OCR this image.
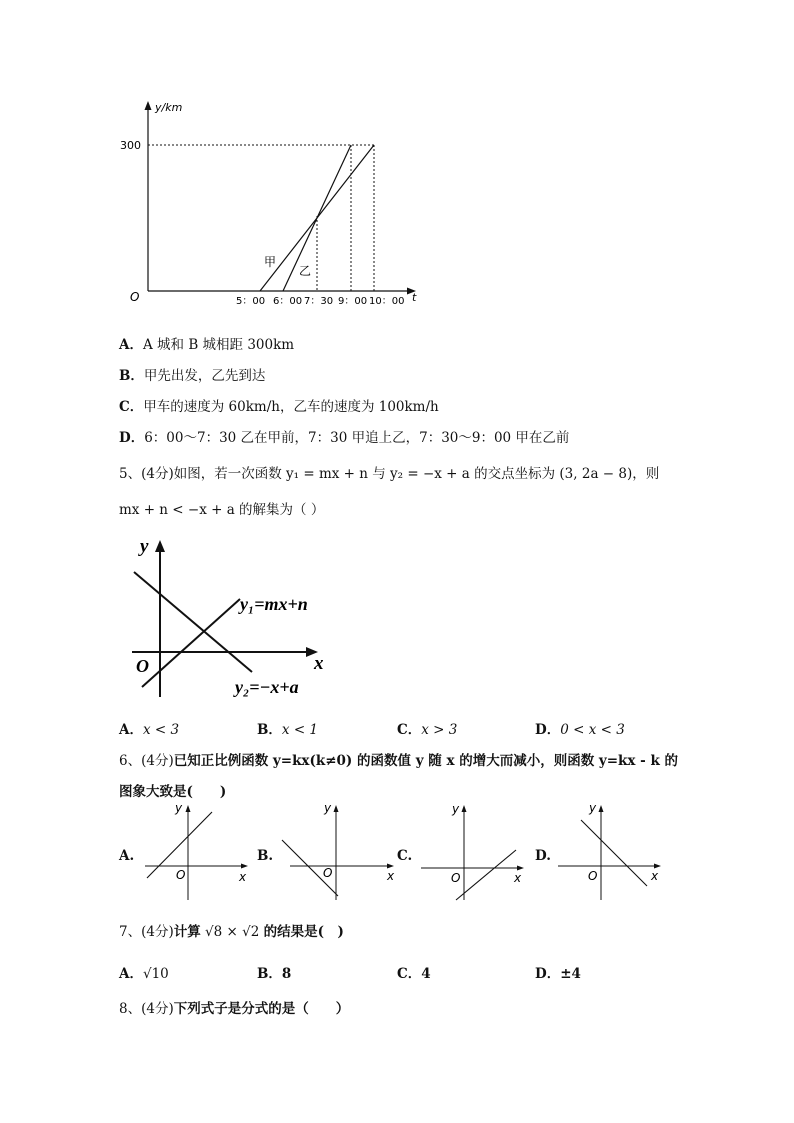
y/km
t
O
300
5：00 6：00 7：30 9：00 10：00
甲
乙
A．A 城和 B 城相距 300km
B．甲先出发，乙先到达
C．甲车的速度为 60km/h，乙车的速度为 100km/h
D．6：00～7：30 乙在甲前，7：30 甲追上乙，7：30～9：00 甲在乙前
5、(4分)如图，若一次函数 y₁ = mx + n 与 y₂ = −x + a 的交点坐标为 (3, 2a − 8)，则
mx + n < −x + a 的解集为（ ）
y
x
O
y₁=mx+n
y₂=−x+a
A．x < 3	B．x < 1	C．x > 3	D．0 < x < 3
6、(4分)已知正比例函数 y=kx(k≠0) 的函数值 y 随 x 的增大而减小，则函数 y=kx - k 的
图象大致是(　　)
A.
y
x
O
B.
y
x
O
C.
y
x
O
D.
y
x
O
7、(4分)计算 √8 × √2 的结果是(　)
A．√10	B．8	C．4	D．±4
8、(4分)下列式子是分式的是（　　）
